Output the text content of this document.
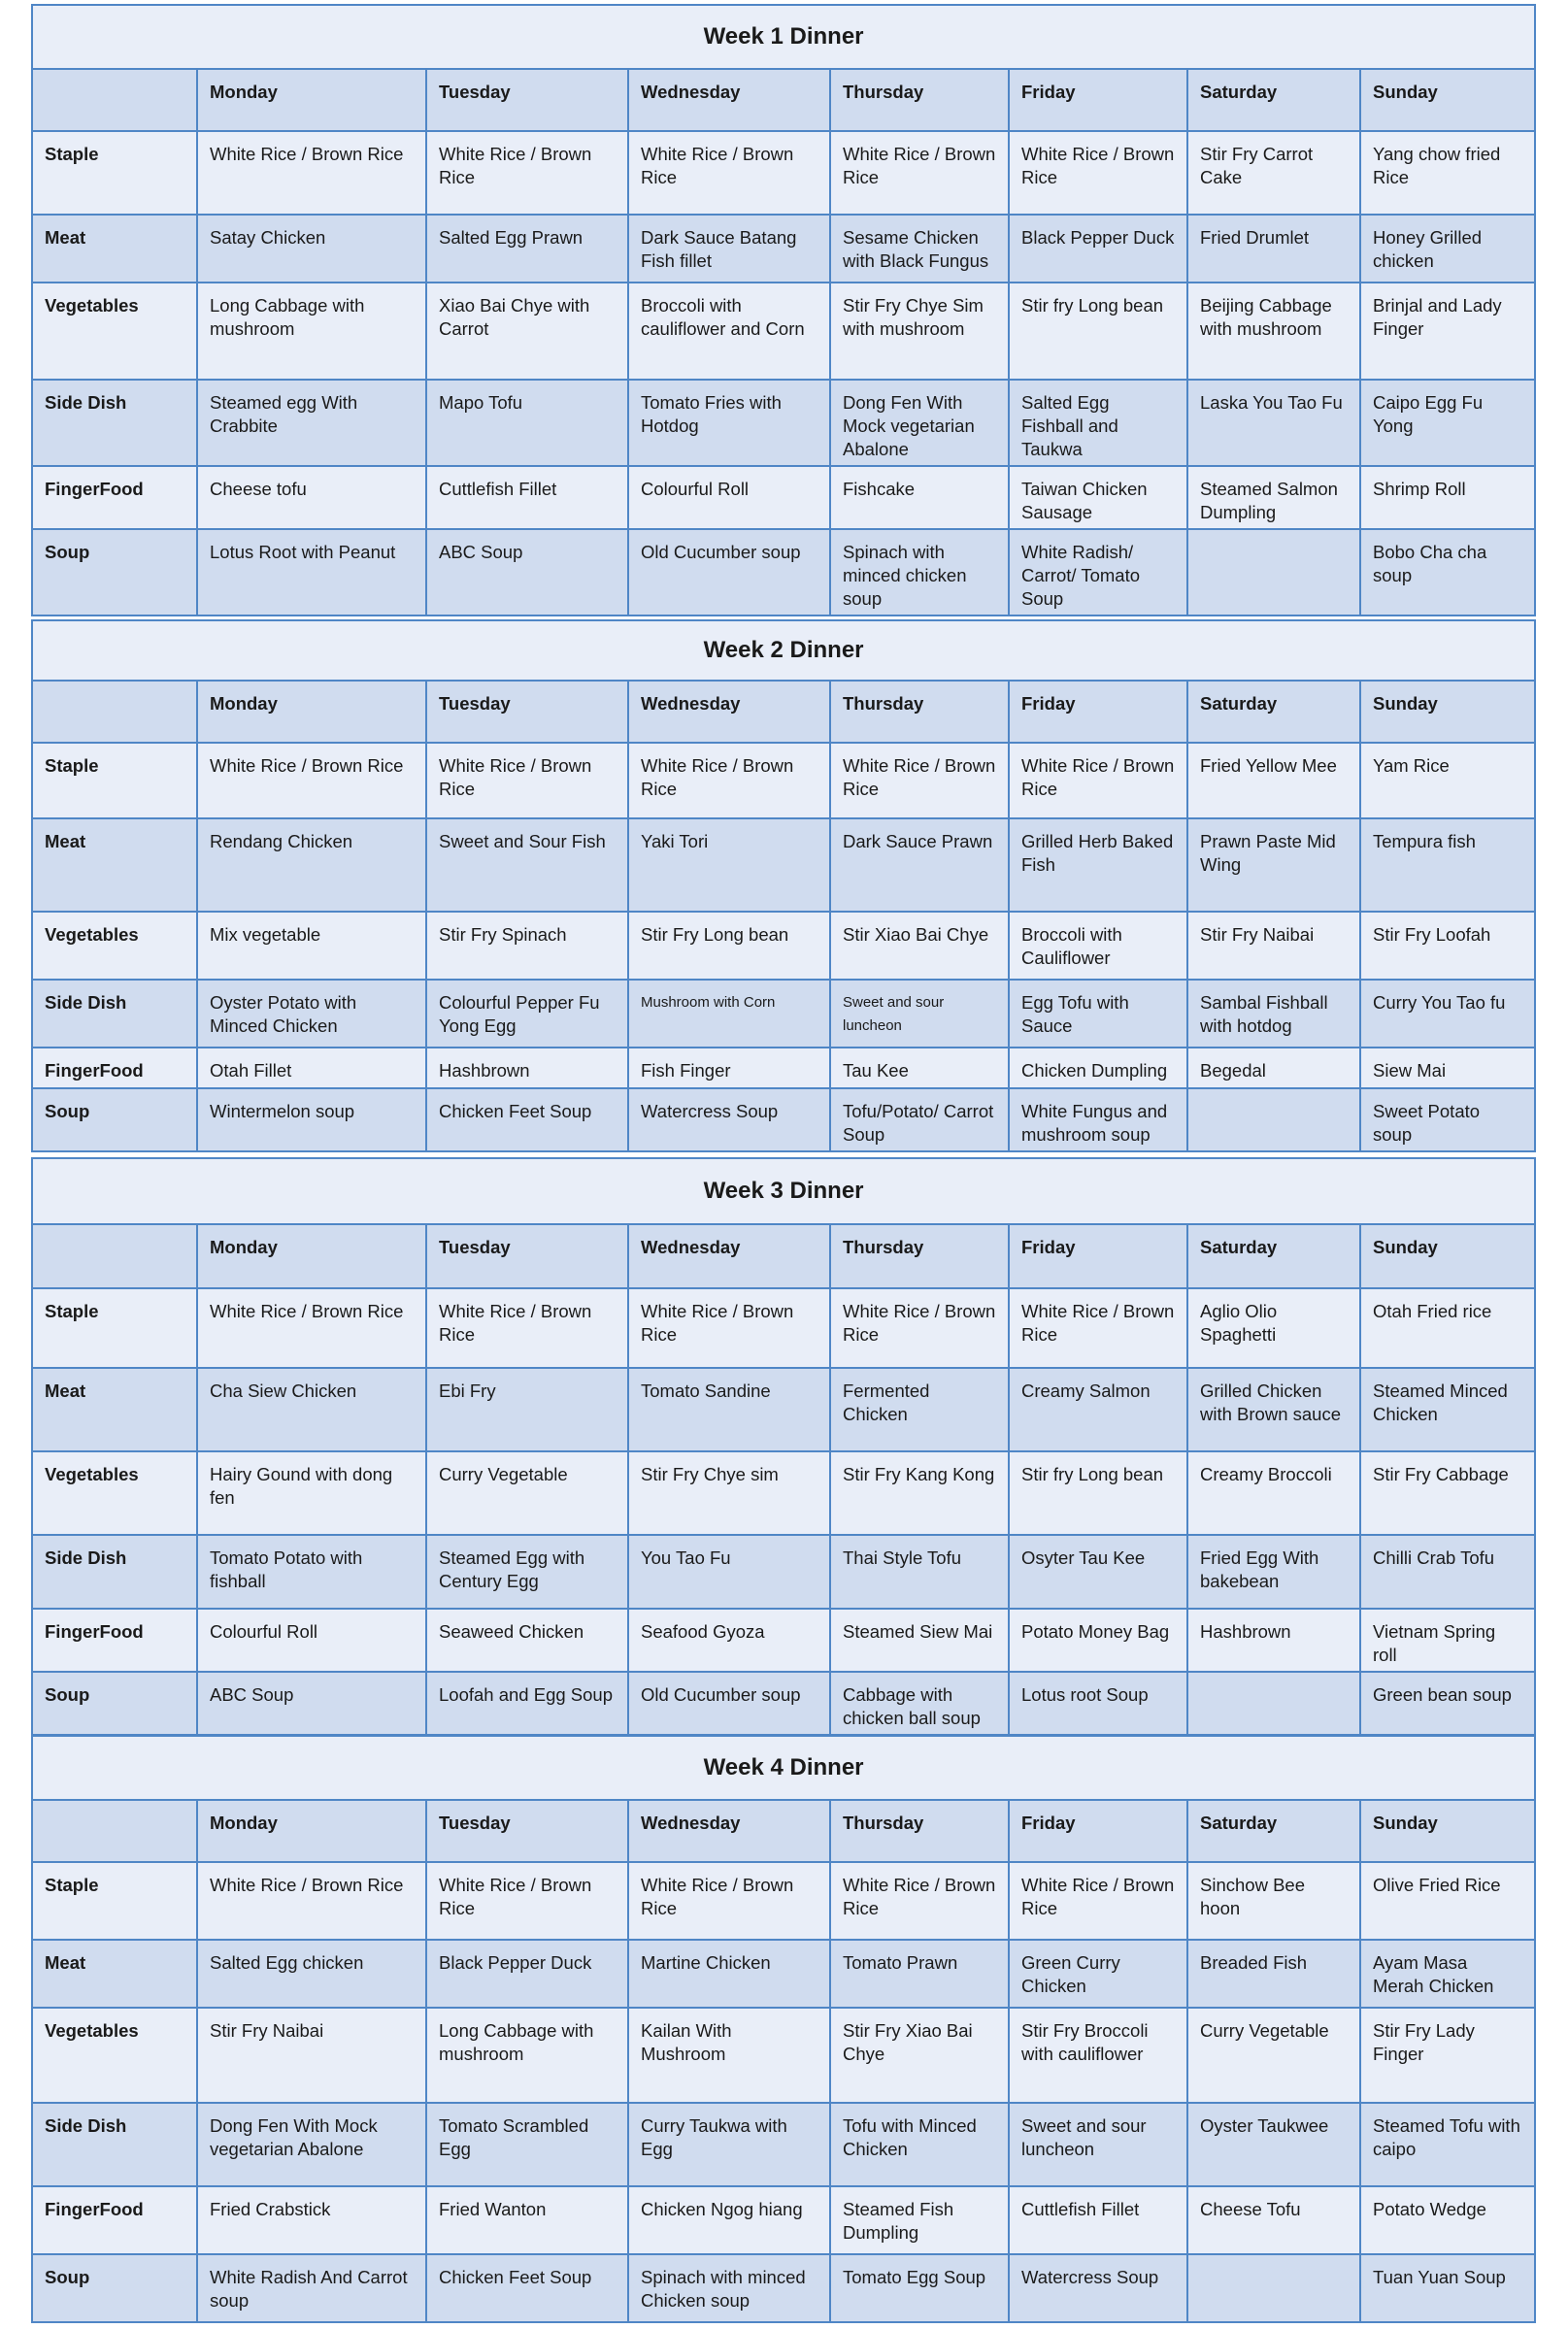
Week 1 Dinner							
	Monday	Tuesday	Wednesday	Thursday	Friday	Saturday	Sunday
Staple	White Rice / Brown Rice	White Rice / Brown Rice	White Rice / Brown Rice	White Rice / Brown Rice	White Rice / Brown Rice	Stir Fry Carrot Cake	Yang chow fried Rice
Meat	Satay Chicken	Salted Egg Prawn	Dark Sauce Batang Fish fillet	Sesame Chicken with Black Fungus	Black Pepper Duck	Fried Drumlet	Honey Grilled chicken
Vegetables	Long Cabbage with mushroom	Xiao Bai Chye with Carrot	Broccoli with cauliflower and Corn	Stir Fry Chye Sim with mushroom	Stir fry Long bean	Beijing Cabbage with mushroom	Brinjal and Lady Finger
Side Dish	Steamed egg With Crabbite	Mapo Tofu	Tomato Fries with Hotdog	Dong Fen With Mock vegetarian Abalone	Salted Egg Fishball and Taukwa	Laska You Tao Fu	Caipo Egg Fu Yong
FingerFood	Cheese tofu	Cuttlefish Fillet	Colourful Roll	Fishcake	Taiwan Chicken Sausage	Steamed Salmon Dumpling	Shrimp Roll
Soup	Lotus Root with Peanut	ABC Soup	Old Cucumber soup	Spinach with minced chicken soup	White Radish/ Carrot/ Tomato Soup		Bobo Cha cha soup
Week 2 Dinner							
	Monday	Tuesday	Wednesday	Thursday	Friday	Saturday	Sunday
Staple	White Rice / Brown Rice	White Rice / Brown Rice	White Rice / Brown Rice	White Rice / Brown Rice	White Rice / Brown Rice	Fried Yellow Mee	Yam Rice
Meat	Rendang Chicken	Sweet and Sour Fish	Yaki Tori	Dark Sauce Prawn	Grilled Herb Baked Fish	Prawn Paste Mid Wing	Tempura fish
Vegetables	Mix vegetable	Stir Fry Spinach	Stir Fry Long bean	Stir Xiao Bai Chye	Broccoli with Cauliflower	Stir Fry Naibai	Stir Fry Loofah
Side Dish	Oyster Potato with Minced Chicken	Colourful Pepper Fu Yong Egg	Mushroom with Corn	Sweet and sour luncheon	Egg Tofu with Sauce	Sambal Fishball with hotdog	Curry You Tao fu
FingerFood	Otah Fillet	Hashbrown	Fish Finger	Tau Kee	Chicken Dumpling	Begedal	Siew Mai
Soup	Wintermelon soup	Chicken Feet Soup	Watercress Soup	Tofu/Potato/ Carrot Soup	White Fungus and mushroom soup		Sweet Potato soup
Week 3 Dinner							
	Monday	Tuesday	Wednesday	Thursday	Friday	Saturday	Sunday
Staple	White Rice / Brown Rice	White Rice / Brown Rice	White Rice / Brown Rice	White Rice / Brown Rice	White Rice / Brown Rice	Aglio Olio Spaghetti	Otah Fried rice
Meat	Cha Siew Chicken	Ebi Fry	Tomato Sandine	Fermented Chicken	Creamy Salmon	Grilled Chicken with Brown sauce	Steamed Minced Chicken
Vegetables	Hairy Gound with dong fen	Curry Vegetable	Stir Fry Chye sim	Stir Fry Kang Kong	Stir fry Long bean	Creamy Broccoli	Stir Fry Cabbage
Side Dish	Tomato Potato with fishball	Steamed Egg with Century Egg	You Tao Fu	Thai Style Tofu	Osyter Tau Kee	Fried Egg With bakebean	Chilli Crab Tofu
FingerFood	Colourful Roll	Seaweed Chicken	Seafood Gyoza	Steamed Siew Mai	Potato Money Bag	Hashbrown	Vietnam Spring roll
Soup	ABC Soup	Loofah and Egg Soup	Old Cucumber soup	Cabbage with chicken ball soup	Lotus root Soup		Green bean soup
Week 4 Dinner							
	Monday	Tuesday	Wednesday	Thursday	Friday	Saturday	Sunday
Staple	White Rice / Brown Rice	White Rice / Brown Rice	White Rice / Brown Rice	White Rice / Brown Rice	White Rice / Brown Rice	Sinchow Bee hoon	Olive Fried Rice
Meat	Salted Egg chicken	Black Pepper Duck	Martine Chicken	Tomato Prawn	Green Curry Chicken	Breaded Fish	Ayam Masa Merah Chicken
Vegetables	Stir Fry Naibai	Long Cabbage with mushroom	Kailan With Mushroom	Stir Fry Xiao Bai Chye	Stir Fry Broccoli with cauliflower	Curry Vegetable	Stir Fry Lady Finger
Side Dish	Dong Fen With Mock vegetarian Abalone	Tomato Scrambled Egg	Curry Taukwa with Egg	Tofu with Minced Chicken	Sweet and sour luncheon	Oyster Taukwee	Steamed Tofu with caipo
FingerFood	Fried Crabstick	Fried Wanton	Chicken Ngog hiang	Steamed Fish Dumpling	Cuttlefish Fillet	Cheese Tofu	Potato Wedge
Soup	White Radish And Carrot soup	Chicken Feet Soup	Spinach with minced Chicken soup	Tomato Egg Soup	Watercress Soup		Tuan Yuan Soup
